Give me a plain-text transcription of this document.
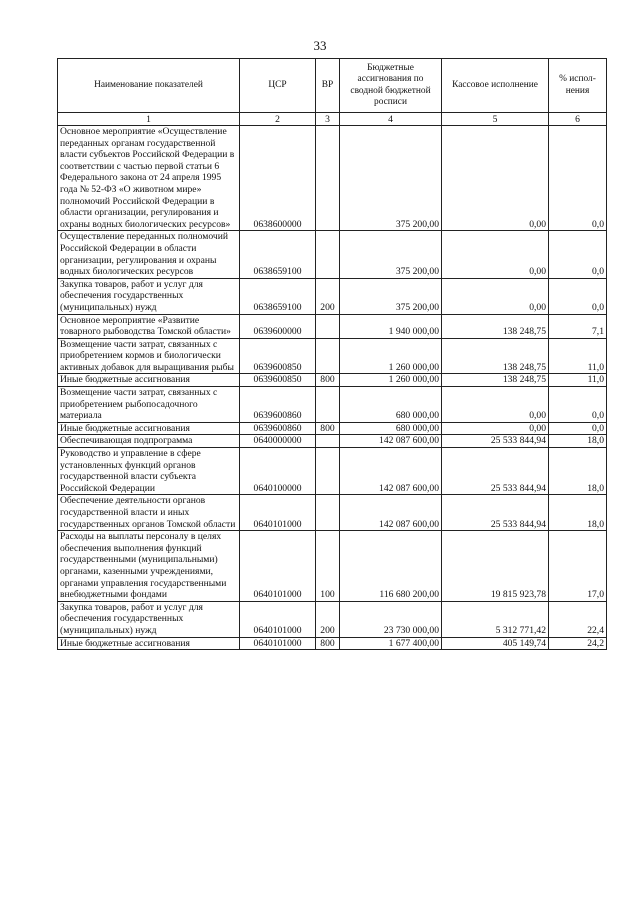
33
Наименование показателей	ЦСР	ВР	Бюджетные ассигнования по сводной бюджетной росписи	Кассовое исполнение	% испол-нения
1	2	3	4	5	6
Основное мероприятие «Осуществление переданных органам государственной власти субъектов Российской Федерации в соответствии с частью первой статьи 6 Федерального закона от 24 апреля 1995 года № 52-ФЗ «О животном мире» полномочий Российской Федерации в области организации, регулирования и охраны водных биологических ресурсов»	0638600000		375 200,00	0,00	0,0
Осуществление переданных полномочий Российской Федерации в области организации, регулирования и охраны водных биологических ресурсов	0638659100		375 200,00	0,00	0,0
Закупка товаров, работ и услуг для обеспечения государственных (муниципальных) нужд	0638659100	200	375 200,00	0,00	0,0
Основное мероприятие «Развитие товарного рыбоводства Томской области»	0639600000		1 940 000,00	138 248,75	7,1
Возмещение части затрат, связанных с приобретением кормов и биологически активных добавок для выращивания рыбы	0639600850		1 260 000,00	138 248,75	11,0
Иные бюджетные ассигнования	0639600850	800	1 260 000,00	138 248,75	11,0
Возмещение части затрат, связанных с приобретением рыбопосадочного материала	0639600860		680 000,00	0,00	0,0
Иные бюджетные ассигнования	0639600860	800	680 000,00	0,00	0,0
Обеспечивающая подпрограмма	0640000000		142 087 600,00	25 533 844,94	18,0
Руководство и управление в сфере установленных функций органов государственной власти субъекта Российской Федерации	0640100000		142 087 600,00	25 533 844,94	18,0
Обеспечение деятельности органов государственной власти и иных государственных органов Томской области	0640101000		142 087 600,00	25 533 844,94	18,0
Расходы на выплаты персоналу в целях обеспечения выполнения функций государственными (муниципальными) органами, казенными учреждениями, органами управления государственными внебюджетными фондами	0640101000	100	116 680 200,00	19 815 923,78	17,0
Закупка товаров, работ и услуг для обеспечения государственных (муниципальных) нужд	0640101000	200	23 730 000,00	5 312 771,42	22,4
Иные бюджетные ассигнования	0640101000	800	1 677 400,00	405 149,74	24,2
